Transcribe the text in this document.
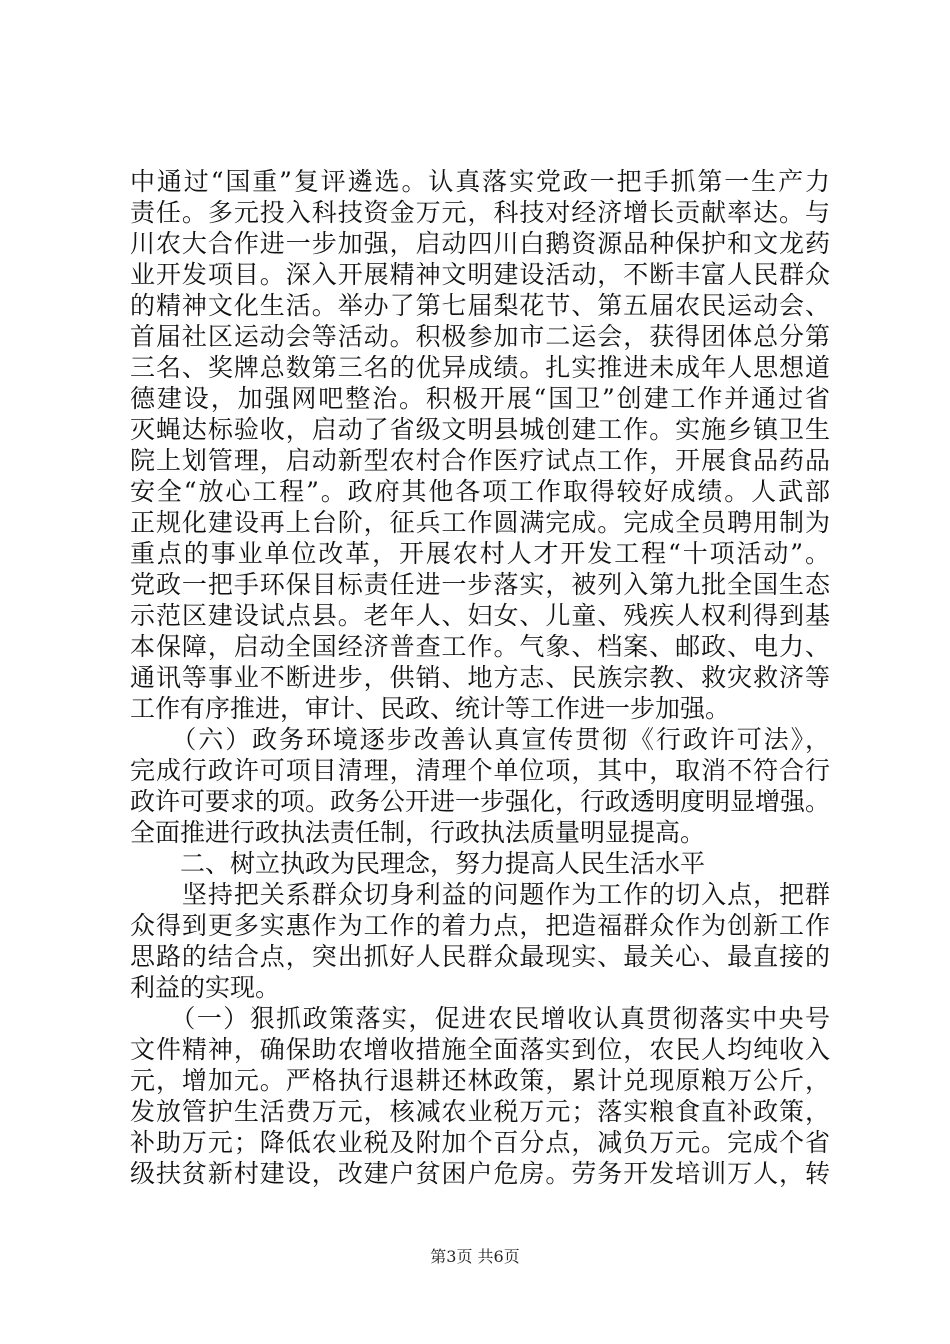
中通过“国重”复评遴选。认真落实党政一把手抓第一生产力
责任。多元投入科技资金万元，科技对经济增长贡献率达。与
川农大合作进一步加强，启动四川白鹅资源品种保护和文龙药
业开发项目。深入开展精神文明建设活动，不断丰富人民群众
的精神文化生活。举办了第七届梨花节、第五届农民运动会、
首届社区运动会等活动。积极参加市二运会，获得团体总分第
三名、奖牌总数第三名的优异成绩。扎实推进未成年人思想道
德建设，加强网吧整治。积极开展“国卫”创建工作并通过省
灭蝇达标验收，启动了省级文明县城创建工作。实施乡镇卫生
院上划管理，启动新型农村合作医疗试点工作，开展食品药品
安全“放心工程”。政府其他各项工作取得较好成绩。人武部
正规化建设再上台阶，征兵工作圆满完成。完成全员聘用制为
重点的事业单位改革，开展农村人才开发工程“十项活动”。
党政一把手环保目标责任进一步落实，被列入第九批全国生态
示范区建设试点县。老年人、妇女、儿童、残疾人权利得到基
本保障，启动全国经济普查工作。气象、档案、邮政、电力、
通讯等事业不断进步，供销、地方志、民族宗教、救灾救济等
工作有序推进，审计、民政、统计等工作进一步加强。
　　（六）政务环境逐步改善认真宣传贯彻《行政许可法》，
完成行政许可项目清理，清理个单位项，其中，取消不符合行
政许可要求的项。政务公开进一步强化，行政透明度明显增强。
全面推进行政执法责任制，行政执法质量明显提高。
　　二、树立执政为民理念，努力提高人民生活水平
　　坚持把关系群众切身利益的问题作为工作的切入点，把群
众得到更多实惠作为工作的着力点，把造福群众作为创新工作
思路的结合点，突出抓好人民群众最现实、最关心、最直接的
利益的实现。
　　（一）狠抓政策落实，促进农民增收认真贯彻落实中央号
文件精神，确保助农增收措施全面落实到位，农民人均纯收入
元，增加元。严格执行退耕还林政策，累计兑现原粮万公斤，
发放管护生活费万元，核减农业税万元；落实粮食直补政策，
补助万元；降低农业税及附加个百分点，减负万元。完成个省
级扶贫新村建设，改建户贫困户危房。劳务开发培训万人，转
第3页 共6页
